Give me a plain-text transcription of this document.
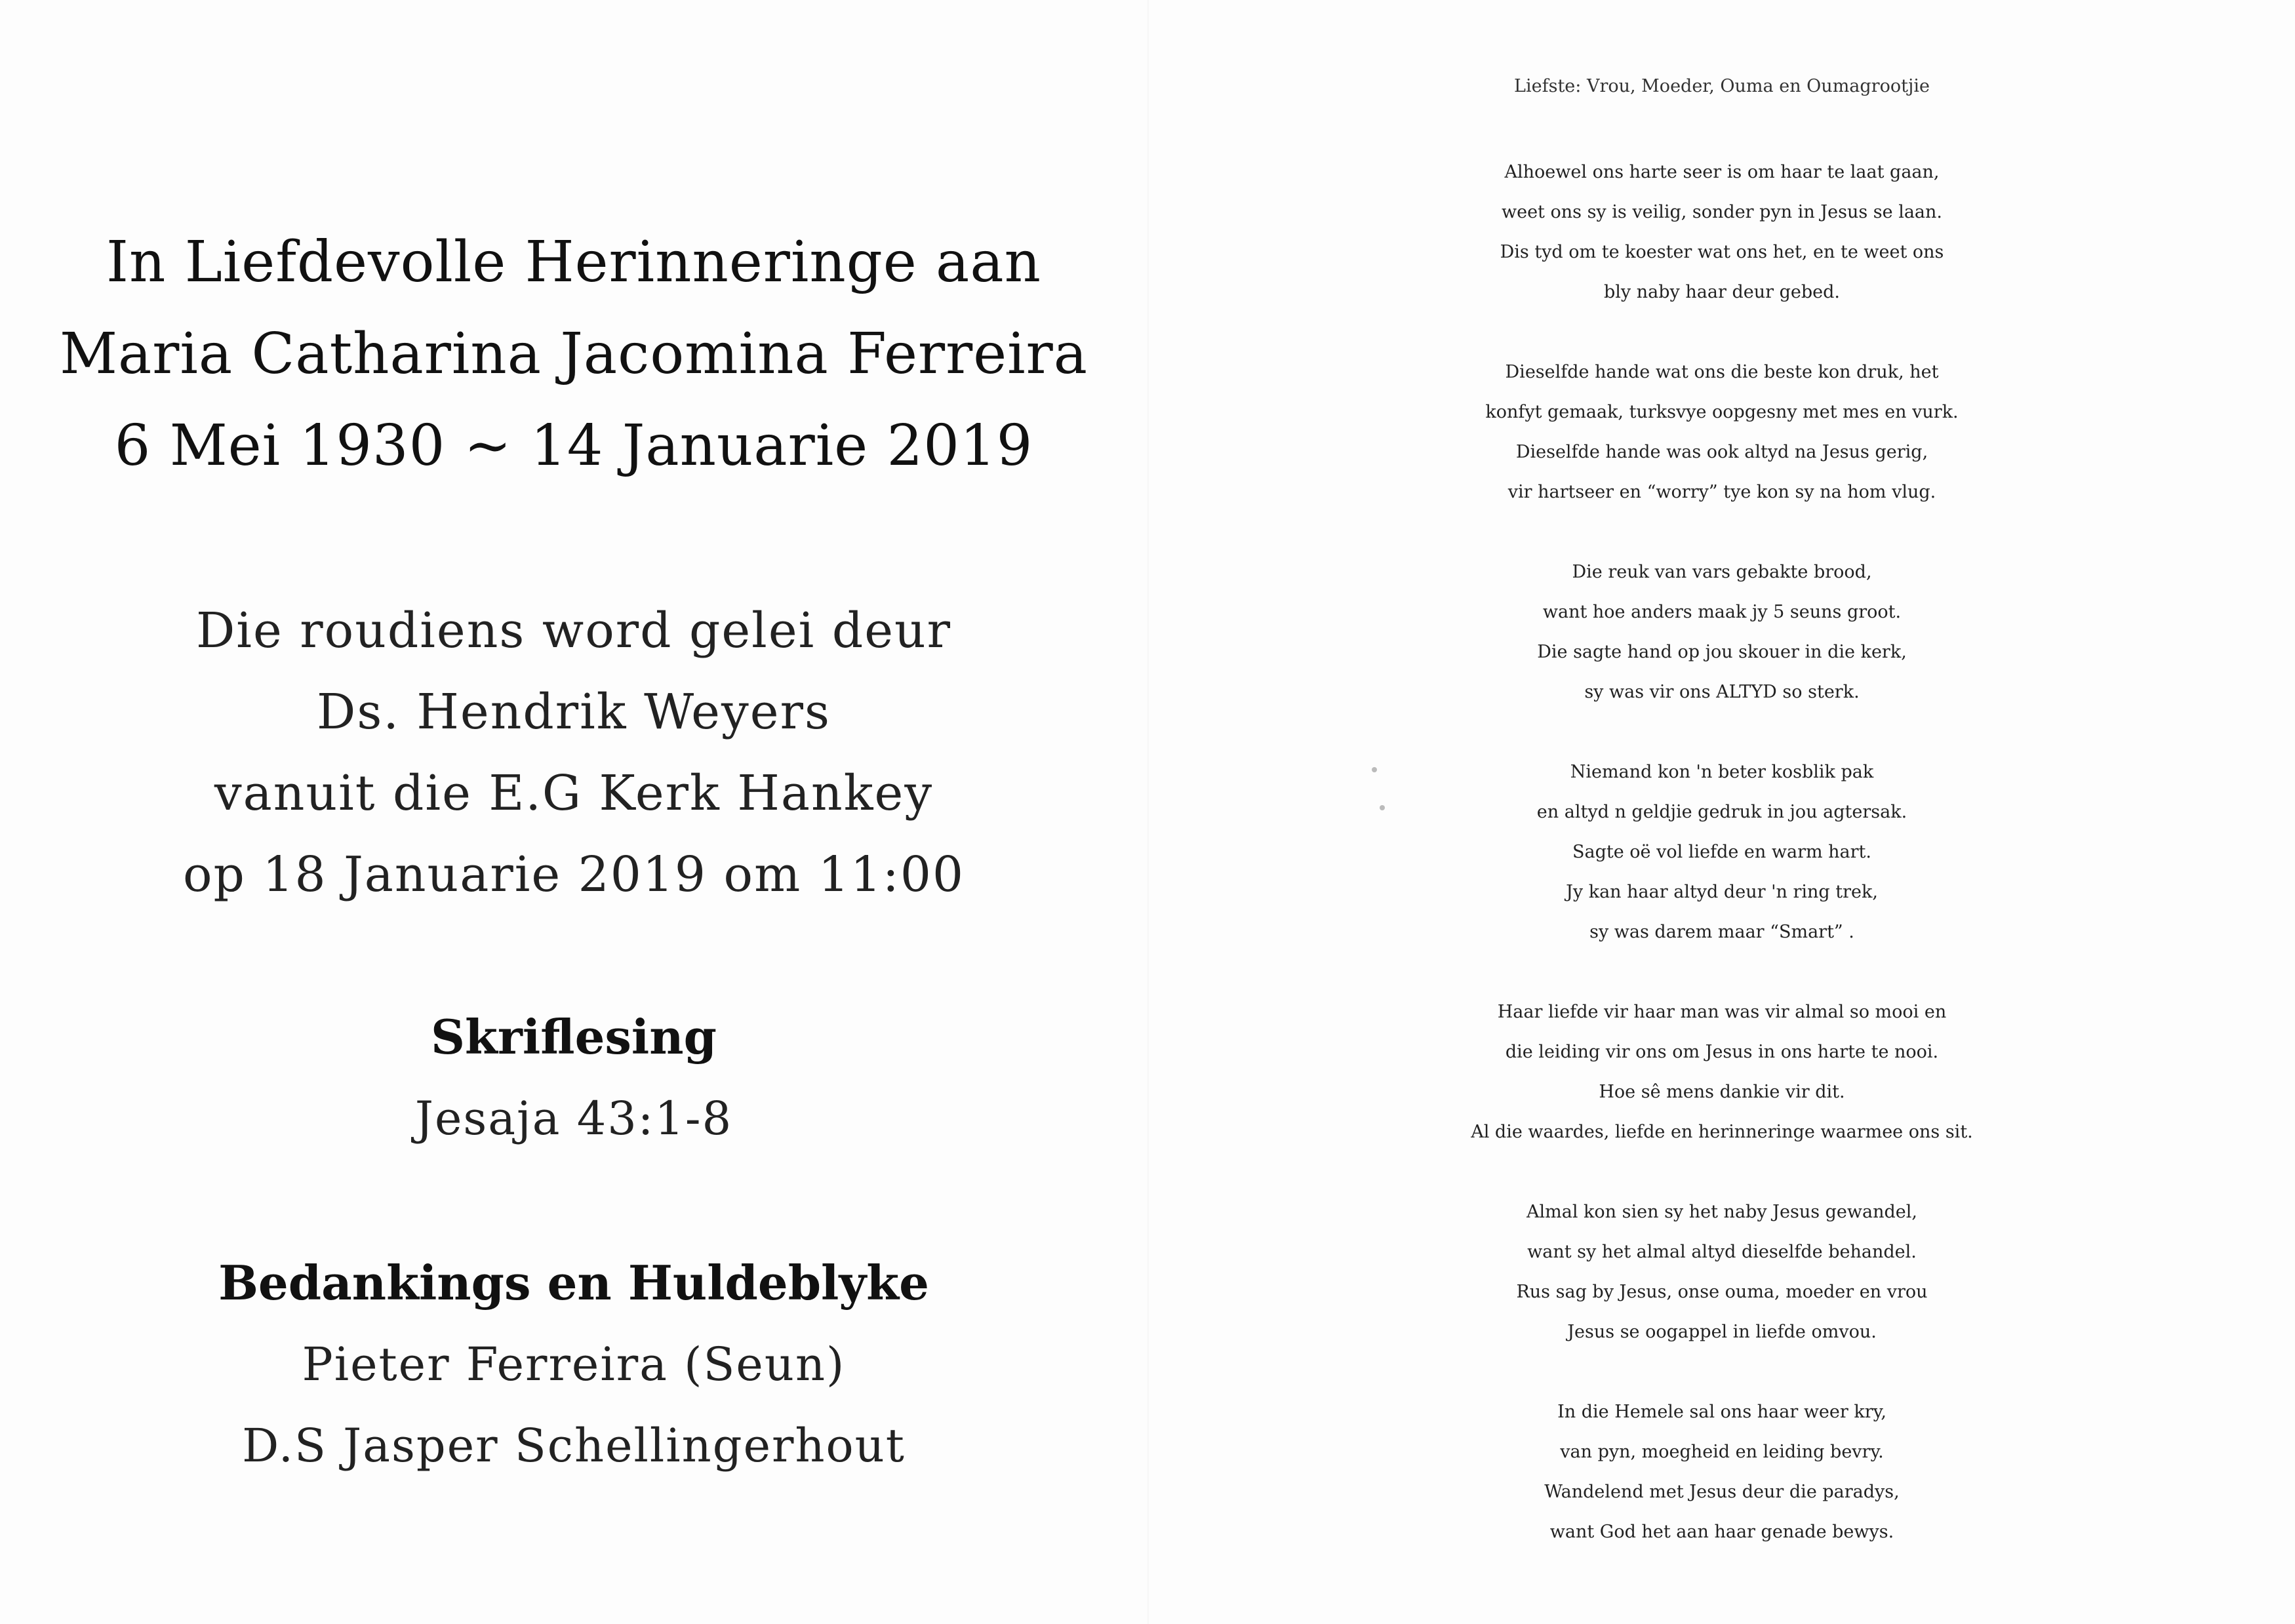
In Liefdevolle Herinneringe aan
Maria Catharina Jacomina Ferreira
6 Mei 1930 ~ 14 Januarie 2019
Die roudiens word gelei deur
Ds. Hendrik Weyers
vanuit die E.G Kerk Hankey
op 18 Januarie 2019 om 11:00
Skriflesing
Jesaja 43:1-8
Bedankings en Huldeblyke
Pieter Ferreira (Seun)
D.S Jasper Schellingerhout
Liefste: Vrou, Moeder, Ouma en Oumagrootjie
Alhoewel ons harte seer is om haar te laat gaan,
weet ons sy is veilig, sonder pyn in Jesus se laan.
Dis tyd om te koester wat ons het, en te weet ons
bly naby haar deur gebed.
Dieselfde hande wat ons die beste kon druk, het
konfyt gemaak, turksvye oopgesny met mes en vurk.
Dieselfde hande was ook altyd na Jesus gerig,
vir hartseer en “worry” tye kon sy na hom vlug.
Die reuk van vars gebakte brood,
want hoe anders maak jy 5 seuns groot.
Die sagte hand op jou skouer in die kerk,
sy was vir ons ALTYD so sterk.
Niemand kon 'n beter kosblik pak
en altyd n geldjie gedruk in jou agtersak.
Sagte oë vol liefde en warm hart.
Jy kan haar altyd deur 'n ring trek,
sy was darem maar “Smart” .
Haar liefde vir haar man was vir almal so mooi en
die leiding vir ons om Jesus in ons harte te nooi.
Hoe sê mens dankie vir dit.
Al die waardes, liefde en herinneringe waarmee ons sit.
Almal kon sien sy het naby Jesus gewandel,
want sy het almal altyd dieselfde behandel.
Rus sag by Jesus, onse ouma, moeder en vrou
Jesus se oogappel in liefde omvou.
In die Hemele sal ons haar weer kry,
van pyn, moegheid en leiding bevry.
Wandelend met Jesus deur die paradys,
want God het aan haar genade bewys.
